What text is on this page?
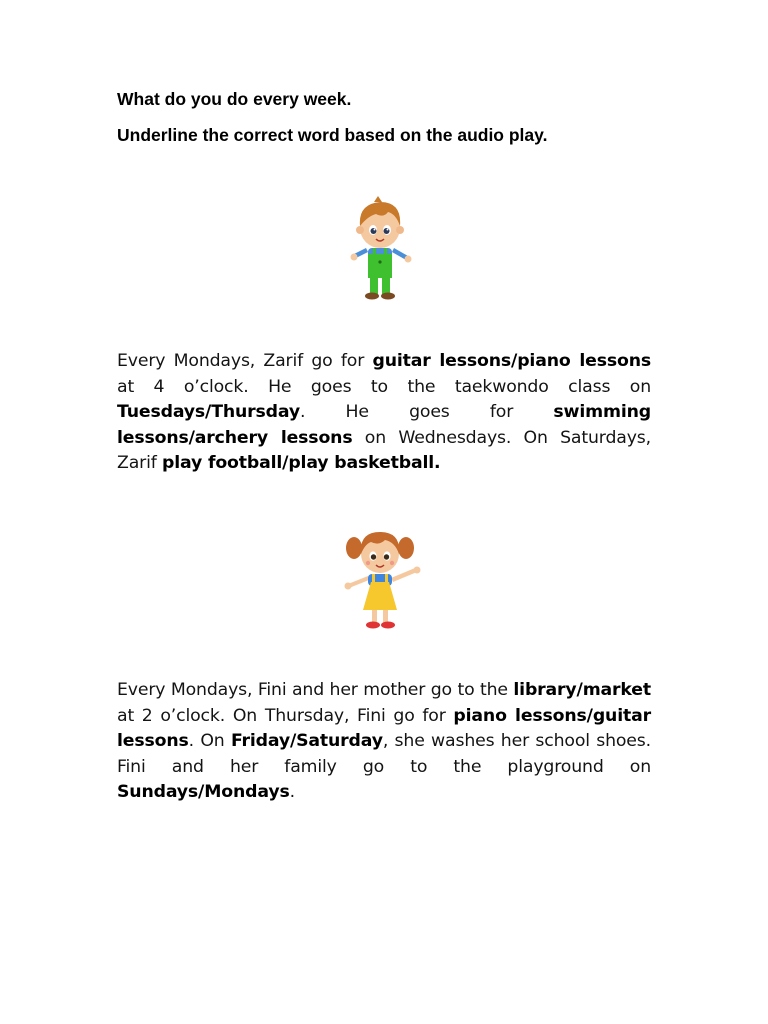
What do you do every week.
Underline the correct word based on the audio play.

Every Mondays, Zarif go for guitar lessons/piano lessons at 4 o’clock. He goes to the taekwondo class on Tuesdays/Thursday. He goes for swimming lessons/archery lessons on Wednesdays. On Saturdays, Zarif play football/play basketball.

Every Mondays, Fini and her mother go to the library/market at 2 o’clock. On Thursday, Fini go for piano lessons/guitar lessons. On Friday/Saturday, she washes her school shoes. Fini and her family go to the playground on Sundays/Mondays.
